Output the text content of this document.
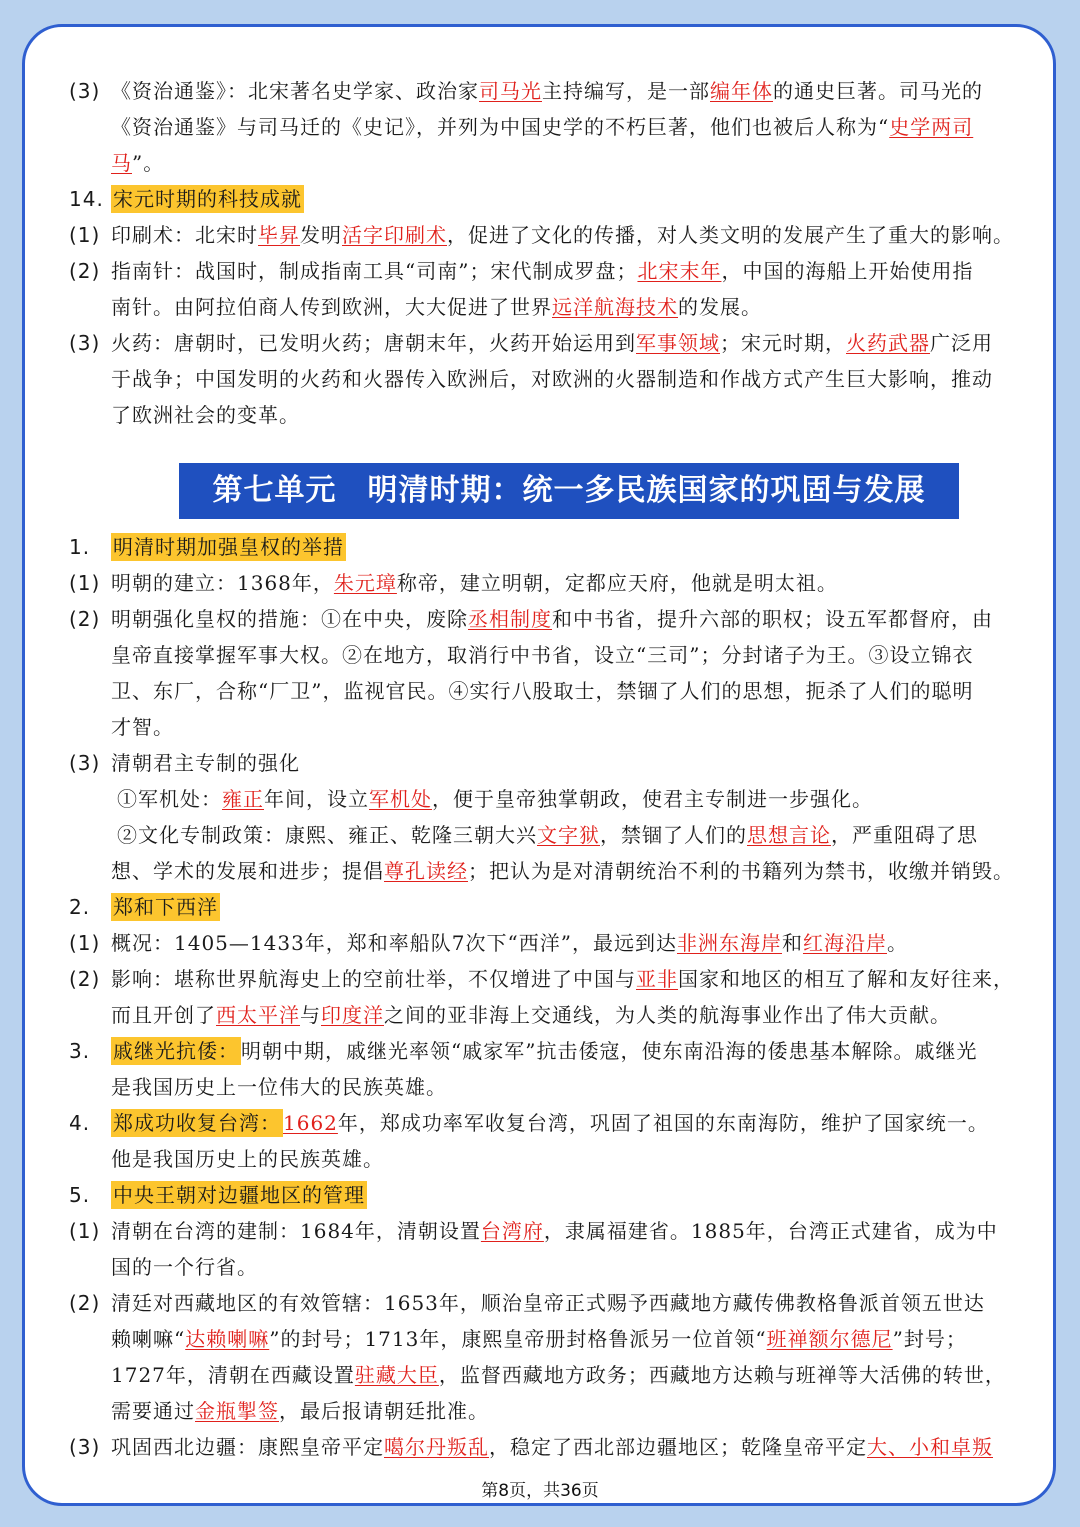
(3) 《资治通鉴》：北宋著名史学家、政治家司马光主持编写，是一部编年体的通史巨著。司马光的
《资治通鉴》与司马迁的《史记》，并列为中国史学的不朽巨著，他们也被后人称为“史学两司
马”。
14. 宋元时期的科技成就
(1) 印刷术：北宋时毕昇发明活字印刷术，促进了文化的传播，对人类文明的发展产生了重大的影响。
(2) 指南针：战国时，制成指南工具“司南”；宋代制成罗盘；北宋末年，中国的海船上开始使用指
南针。由阿拉伯商人传到欧洲，大大促进了世界远洋航海技术的发展。
(3) 火药：唐朝时，已发明火药；唐朝末年，火药开始运用到军事领域；宋元时期，火药武器广泛用
于战争；中国发明的火药和火器传入欧洲后，对欧洲的火器制造和作战方式产生巨大影响，推动
了欧洲社会的变革。
第七单元　明清时期：统一多民族国家的巩固与发展
1. 明清时期加强皇权的举措
(1) 明朝的建立：1368年，朱元璋称帝，建立明朝，定都应天府，他就是明太祖。
(2) 明朝强化皇权的措施：①在中央，废除丞相制度和中书省，提升六部的职权；设五军都督府，由
皇帝直接掌握军事大权。②在地方，取消行中书省，设立“三司”；分封诸子为王。③设立锦衣
卫、东厂，合称“厂卫”，监视官民。④实行八股取士，禁锢了人们的思想，扼杀了人们的聪明
才智。
(3) 清朝君主专制的强化
①军机处：雍正年间，设立军机处，便于皇帝独掌朝政，使君主专制进一步强化。
②文化专制政策：康熙、雍正、乾隆三朝大兴文字狱，禁锢了人们的思想言论，严重阻碍了思
想、学术的发展和进步；提倡尊孔读经；把认为是对清朝统治不利的书籍列为禁书，收缴并销毁。
2. 郑和下西洋
(1) 概况：1405—1433年，郑和率船队7次下“西洋”，最远到达非洲东海岸和红海沿岸。
(2) 影响：堪称世界航海史上的空前壮举，不仅增进了中国与亚非国家和地区的相互了解和友好往来，
而且开创了西太平洋与印度洋之间的亚非海上交通线，为人类的航海事业作出了伟大贡献。
3. 戚继光抗倭： 明朝中期，戚继光率领“戚家军”抗击倭寇，使东南沿海的倭患基本解除。戚继光
是我国历史上一位伟大的民族英雄。
4. 郑成功收复台湾： 1662年，郑成功率军收复台湾，巩固了祖国的东南海防，维护了国家统一。
他是我国历史上的民族英雄。
5. 中央王朝对边疆地区的管理
(1) 清朝在台湾的建制：1684年，清朝设置台湾府，隶属福建省。1885年，台湾正式建省，成为中
国的一个行省。
(2) 清廷对西藏地区的有效管辖：1653年，顺治皇帝正式赐予西藏地方藏传佛教格鲁派首领五世达
赖喇嘛“达赖喇嘛”的封号；1713年，康熙皇帝册封格鲁派另一位首领“班禅额尔德尼”封号；
1727年，清朝在西藏设置驻藏大臣，监督西藏地方政务；西藏地方达赖与班禅等大活佛的转世，
需要通过金瓶掣签，最后报请朝廷批准。
(3) 巩固西北边疆：康熙皇帝平定噶尔丹叛乱，稳定了西北部边疆地区；乾隆皇帝平定大、小和卓叛
第8页，共36页
